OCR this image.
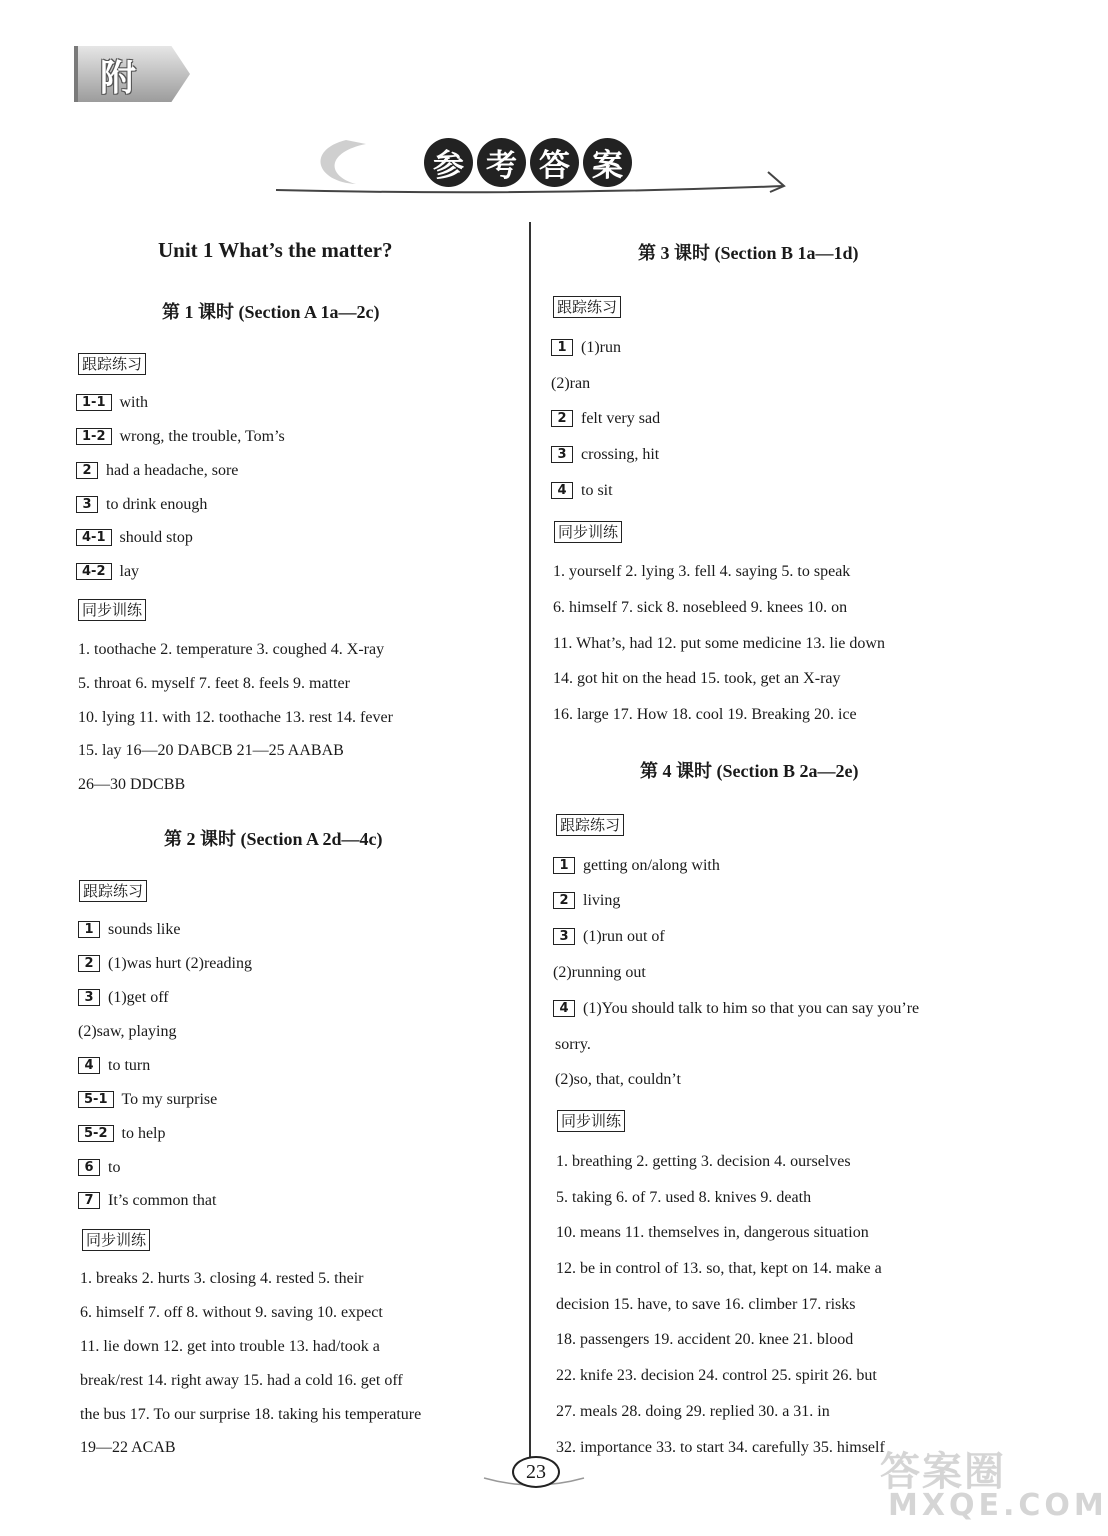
附
参 考 答 案
Unit 1 What’s the matter?
第 1 课时 (Section A 1a—2c)
跟踪练习
1-1 with
1-2 wrong, the trouble, Tom’s
2 had a headache, sore
3 to drink enough
4-1 should stop
4-2 lay
同步训练
1. toothache 2. temperature 3. coughed 4. X-ray
5. throat 6. myself 7. feet 8. feels 9. matter
10. lying 11. with 12. toothache 13. rest 14. fever
15. lay 16—20 DABCB 21—25 AABAB
26—30 DDCBB
第 2 课时 (Section A 2d—4c)
跟踪练习
1 sounds like
2 (1)was hurt (2)reading
3 (1)get off
(2)saw, playing
4 to turn
5-1 To my surprise
5-2 to help
6 to
7 It’s common that
同步训练
1. breaks 2. hurts 3. closing 4. rested 5. their
6. himself 7. off 8. without 9. saving 10. expect
11. lie down 12. get into trouble 13. had/took a
break/rest 14. right away 15. had a cold 16. get off
the bus 17. To our surprise 18. taking his temperature
19—22 ACAB
第 3 课时 (Section B 1a—1d)
跟踪练习
1 (1)run
(2)ran
2 felt very sad
3 crossing, hit
4 to sit
同步训练
1. yourself 2. lying 3. fell 4. saying 5. to speak
6. himself 7. sick 8. nosebleed 9. knees 10. on
11. What’s, had 12. put some medicine 13. lie down
14. got hit on the head 15. took, get an X-ray
16. large 17. How 18. cool 19. Breaking 20. ice
第 4 课时 (Section B 2a—2e)
跟踪练习
1 getting on/along with
2 living
3 (1)run out of
(2)running out
4 (1)You should talk to him so that you can say you’re
sorry.
(2)so, that, couldn’t
同步训练
1. breathing 2. getting 3. decision 4. ourselves
5. taking 6. of 7. used 8. knives 9. death
10. means 11. themselves in, dangerous situation
12. be in control of 13. so, that, kept on 14. make a
decision 15. have, to save 16. climber 17. risks
18. passengers 19. accident 20. knee 21. blood
22. knife 23. decision 24. control 25. spirit 26. but
27. meals 28. doing 29. replied 30. a 31. in
32. importance 33. to start 34. carefully 35. himself
23	答案圈
MXQE.COM
